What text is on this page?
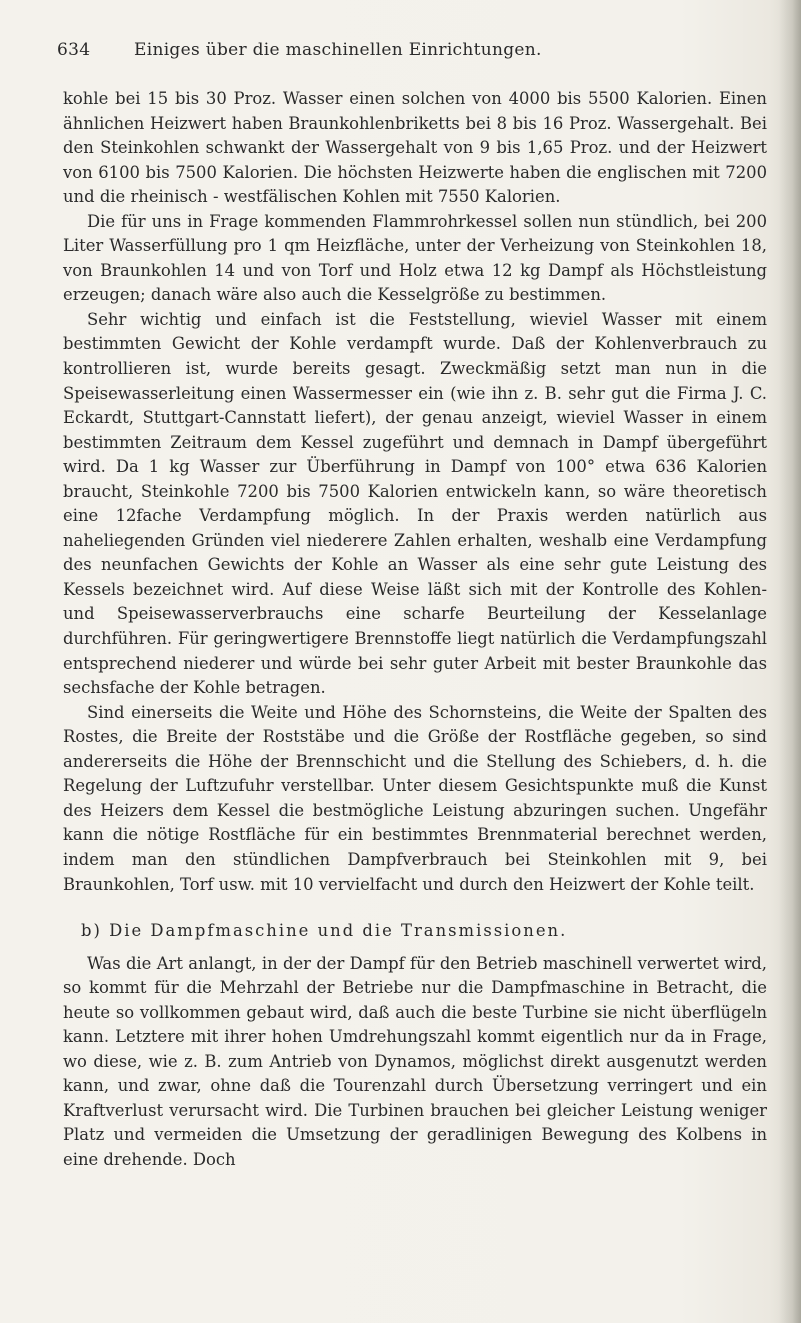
634	Einiges über die maschinellen Einrichtungen.

kohle bei 15 bis 30 Proz. Wasser einen solchen von 4000 bis 5500 Kalorien. Einen ähnlichen Heizwert haben Braunkohlenbriketts bei 8 bis 16 Proz. Wassergehalt. Bei den Steinkohlen schwankt der Wassergehalt von 9 bis 1,65 Proz. und der Heizwert von 6100 bis 7500 Kalorien. Die höchsten Heizwerte haben die englischen mit 7200 und die rheinisch - westfälischen Kohlen mit 7550 Kalorien.

Die für uns in Frage kommenden Flammrohrkessel sollen nun stündlich, bei 200 Liter Wasserfüllung pro 1 qm Heizfläche, unter der Verheizung von Steinkohlen 18, von Braunkohlen 14 und von Torf und Holz etwa 12 kg Dampf als Höchstleistung erzeugen; danach wäre also auch die Kesselgröße zu bestimmen.

Sehr wichtig und einfach ist die Feststellung, wieviel Wasser mit einem bestimmten Gewicht der Kohle verdampft wurde. Daß der Kohlenverbrauch zu kontrollieren ist, wurde bereits gesagt. Zweckmäßig setzt man nun in die Speisewasserleitung einen Wassermesser ein (wie ihn z. B. sehr gut die Firma J. C. Eckardt, Stuttgart-Cannstatt liefert), der genau anzeigt, wieviel Wasser in einem bestimmten Zeitraum dem Kessel zugeführt und demnach in Dampf übergeführt wird. Da 1 kg Wasser zur Überführung in Dampf von 100° etwa 636 Kalorien braucht, Steinkohle 7200 bis 7500 Kalorien entwickeln kann, so wäre theoretisch eine 12fache Verdampfung möglich. In der Praxis werden natürlich aus naheliegenden Gründen viel niederere Zahlen erhalten, weshalb eine Verdampfung des neunfachen Gewichts der Kohle an Wasser als eine sehr gute Leistung des Kessels bezeichnet wird. Auf diese Weise läßt sich mit der Kontrolle des Kohlen- und Speisewasserverbrauchs eine scharfe Beurteilung der Kesselanlage durchführen. Für geringwertigere Brennstoffe liegt natürlich die Verdampfungszahl entsprechend niederer und würde bei sehr guter Arbeit mit bester Braunkohle das sechsfache der Kohle betragen.

Sind einerseits die Weite und Höhe des Schornsteins, die Weite der Spalten des Rostes, die Breite der Roststäbe und die Größe der Rostfläche gegeben, so sind andererseits die Höhe der Brennschicht und die Stellung des Schiebers, d. h. die Regelung der Luftzufuhr verstellbar. Unter diesem Gesichtspunkte muß die Kunst des Heizers dem Kessel die bestmögliche Leistung abzuringen suchen. Ungefähr kann die nötige Rostfläche für ein bestimmtes Brennmaterial berechnet werden, indem man den stündlichen Dampfverbrauch bei Steinkohlen mit 9, bei Braunkohlen, Torf usw. mit 10 vervielfacht und durch den Heizwert der Kohle teilt.

b) Die Dampfmaschine und die Transmissionen.

Was die Art anlangt, in der der Dampf für den Betrieb maschinell verwertet wird, so kommt für die Mehrzahl der Betriebe nur die Dampfmaschine in Betracht, die heute so vollkommen gebaut wird, daß auch die beste Turbine sie nicht überflügeln kann. Letztere mit ihrer hohen Umdrehungszahl kommt eigentlich nur da in Frage, wo diese, wie z. B. zum Antrieb von Dynamos, möglichst direkt ausgenutzt werden kann, und zwar, ohne daß die Tourenzahl durch Übersetzung verringert und ein Kraftverlust verursacht wird. Die Turbinen brauchen bei gleicher Leistung weniger Platz und vermeiden die Umsetzung der geradlinigen Bewegung des Kolbens in eine drehende. Doch
